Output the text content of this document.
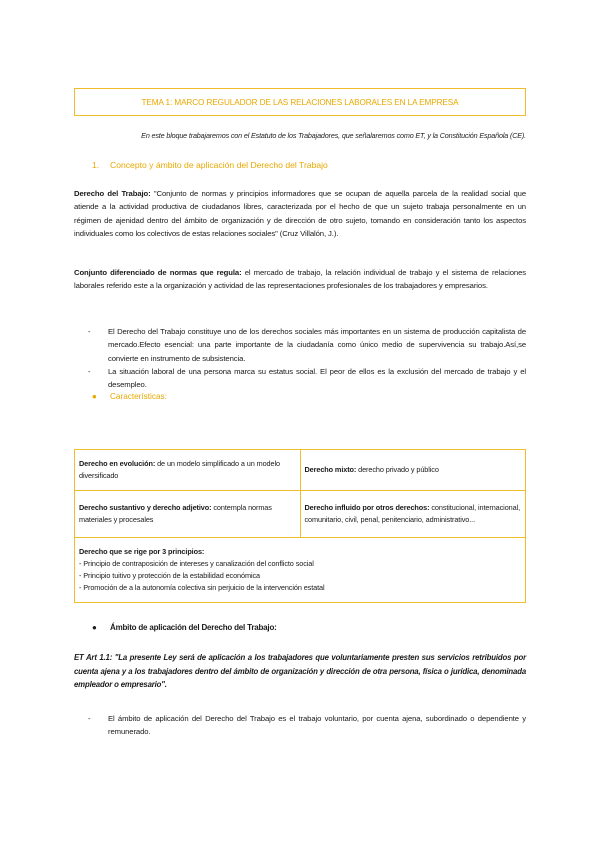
TEMA 1: MARCO REGULADOR DE LAS RELACIONES LABORALES EN LA EMPRESA
En este bloque trabajaremos con el Estatuto de los Trabajadores, que señalaremos como ET, y la Constitución Española (CE).
1. Concepto y ámbito de aplicación del Derecho del Trabajo
Derecho del Trabajo: "Conjunto de normas y principios informadores que se ocupan de aquella parcela de la realidad social que atiende a la actividad productiva de ciudadanos libres, caracterizada por el hecho de que un sujeto trabaja personalmente en un régimen de ajenidad dentro del ámbito de organización y de dirección de otro sujeto, tomando en consideración tanto los aspectos individuales como los colectivos de estas relaciones sociales" (Cruz Villalón, J.).
Conjunto diferenciado de normas que regula: el mercado de trabajo, la relación individual de trabajo y el sistema de relaciones laborales referido este a la organización y actividad de las representaciones profesionales de los trabajadores y empresarios.
- El Derecho del Trabajo constituye uno de los derechos sociales más importantes en un sistema de producción capitalista de mercado.Efecto esencial: una parte importante de la ciudadanía como único medio de supervivencia su trabajo.Así,se convierte en instrumento de subsistencia.
- La situación laboral de una persona marca su estatus social. El peor de ellos es la exclusión del mercado de trabajo y el desempleo.
● Características:
Derecho en evolución: de un modelo simplificado a un modelo diversificado	Derecho mixto: derecho privado y público
Derecho sustantivo y derecho adjetivo: contempla normas materiales y procesales	Derecho influido por otros derechos: constitucional, internacional, comunitario, civil, penal, penitenciario, administrativo...
Derecho que se rige por 3 principios:
- Principio de contraposición de intereses y canalización del conflicto social
- Principio tuitivo y protección de la estabilidad económica
- Promoción de a la autonomía colectiva sin perjuicio de la intervención estatal	
● Ámbito de aplicación del Derecho del Trabajo:
ET Art 1.1: "La presente Ley será de aplicación a los trabajadores que voluntariamente presten sus servicios retribuidos por cuenta ajena y a los trabajadores dentro del ámbito de organización y dirección de otra persona, física o jurídica, denominada empleador o empresario".
- El ámbito de aplicación del Derecho del Trabajo es el trabajo voluntario, por cuenta ajena, subordinado o dependiente y remunerado.
